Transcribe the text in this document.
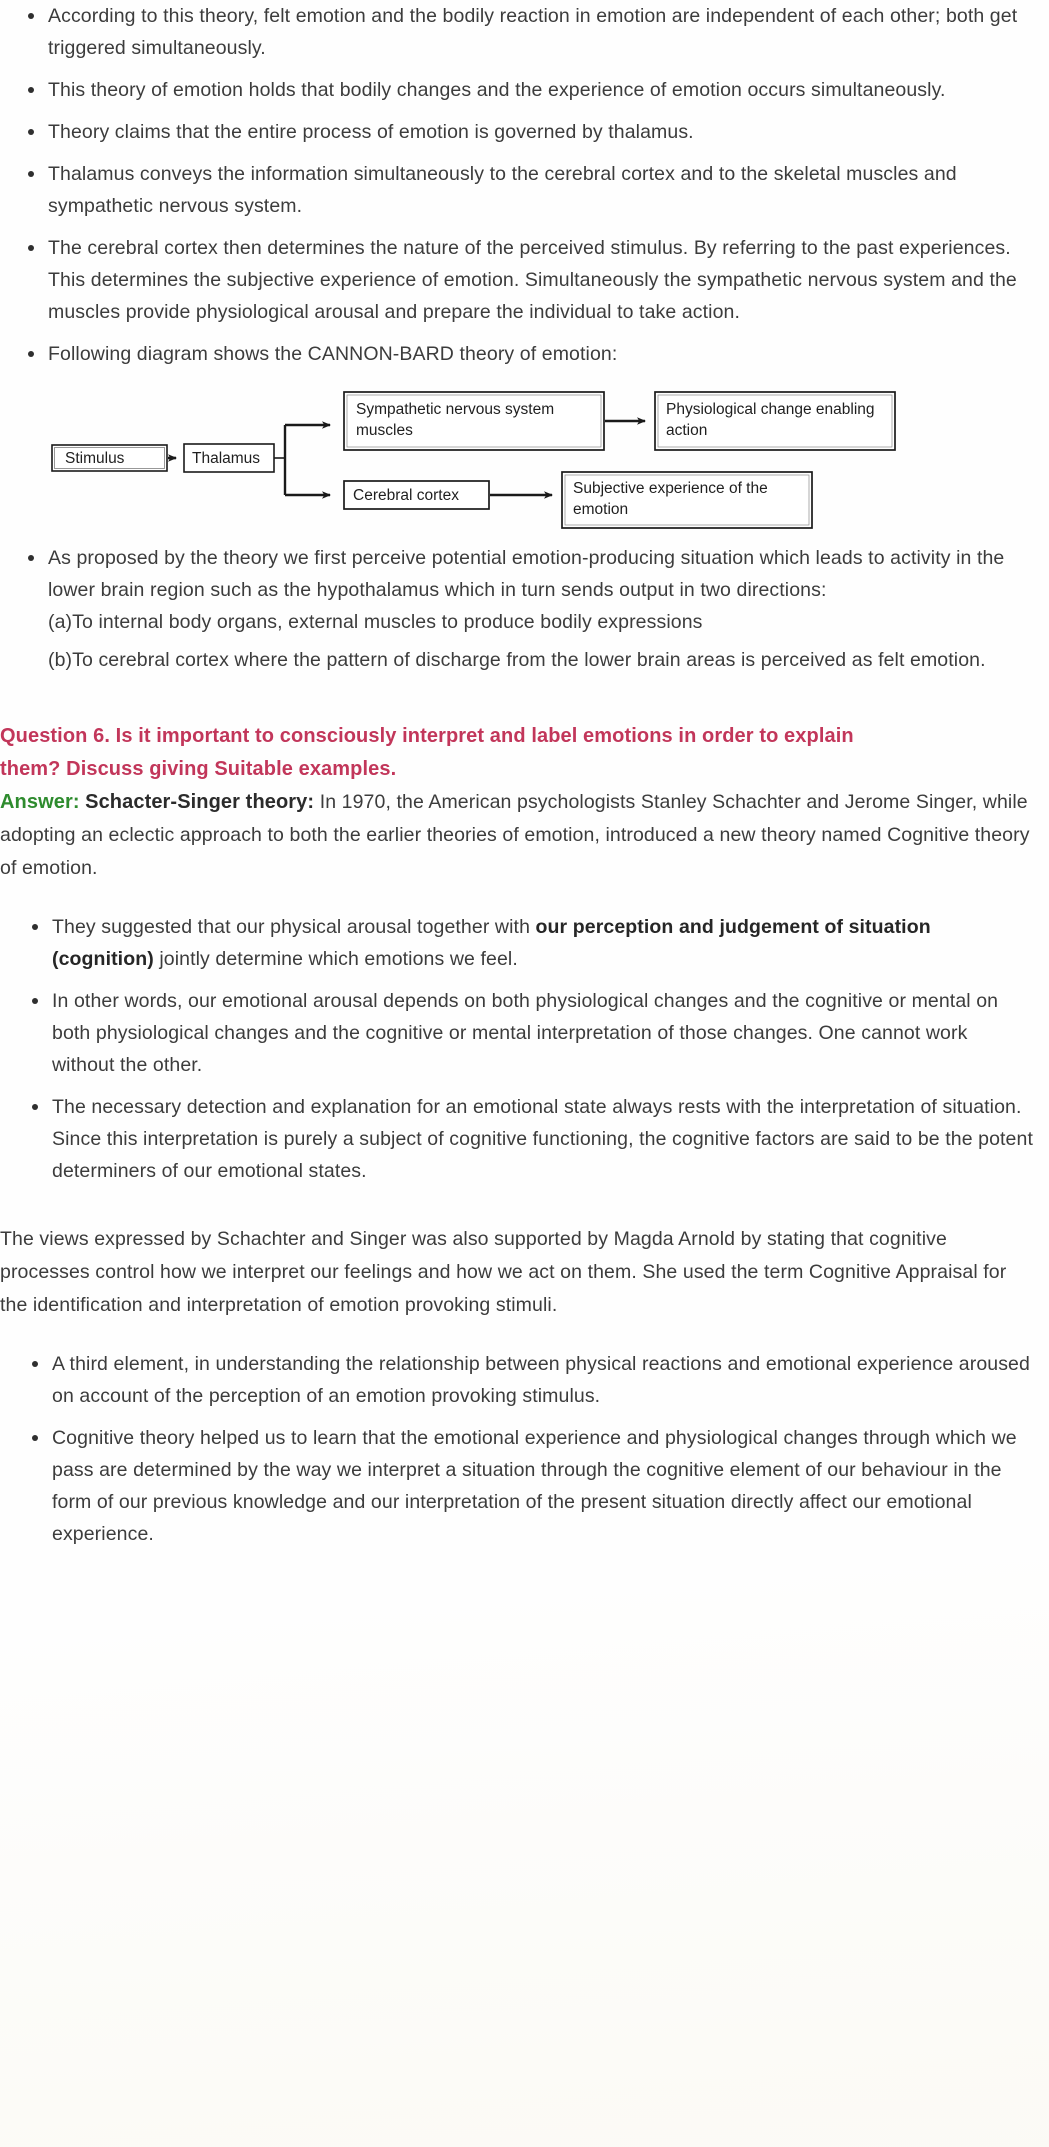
According to this theory, felt emotion and the bodily reaction in emotion are independent of each other; both get triggered simultaneously.
This theory of emotion holds that bodily changes and the experience of emotion occurs simultaneously.
Theory claims that the entire process of emotion is governed by thalamus.
Thalamus conveys the information simultaneously to the cerebral cortex and to the skeletal muscles and sympathetic nervous system.
The cerebral cortex then determines the nature of the perceived stimulus. By referring to the past experiences. This determines the subjective experience of emotion. Simultaneously the sympathetic nervous system and the muscles provide physiological arousal and prepare the individual to take action.
Following diagram shows the CANNON-BARD theory of emotion:
Stimulus	Thalamus
Sympathetic nervous system
muscles
Physiological change enabling
action
Cerebral cortex	Subjective experience of the
emotion
As proposed by the theory we first perceive potential emotion-producing situation which leads to activity in the lower brain region such as the hypothalamus which in turn sends output in two directions:
(a)To internal body organs, external muscles to produce bodily expressions
(b)To cerebral cortex where the pattern of discharge from the lower brain areas is perceived as felt emotion.
Question 6. Is it important to consciously interpret and label emotions in order to explain
them? Discuss giving Suitable examples.

Answer: Schacter-Singer theory: In 1970, the American psychologists Stanley Schachter and Jerome Singer, while adopting an eclectic approach to both the earlier theories of emotion, introduced a new theory named Cognitive theory of emotion.

They suggested that our physical arousal together with our perception and judgement of situation (cognition) jointly determine which emotions we feel.
In other words, our emotional arousal depends on both physiological changes and the cognitive or mental on both physiological changes and the cognitive or mental interpretation of those changes. One cannot work without the other.
The necessary detection and explanation for an emotional state always rests with the interpretation of situation. Since this interpretation is purely a subject of cognitive functioning, the cognitive factors are said to be the potent determiners of our emotional states.

The views expressed by Schachter and Singer was also supported by Magda Arnold by stating that cognitive processes control how we interpret our feelings and how we act on them. She used the term Cognitive Appraisal for the identification and interpretation of emotion provoking stimuli.

A third element, in understanding the relationship between physical reactions and emotional experience aroused on account of the perception of an emotion provoking stimulus.
Cognitive theory helped us to learn that the emotional experience and physiological changes through which we pass are determined by the way we interpret a situation through the cognitive element of our behaviour in the form of our previous knowledge and our interpretation of the present situation directly affect our emotional experience.
